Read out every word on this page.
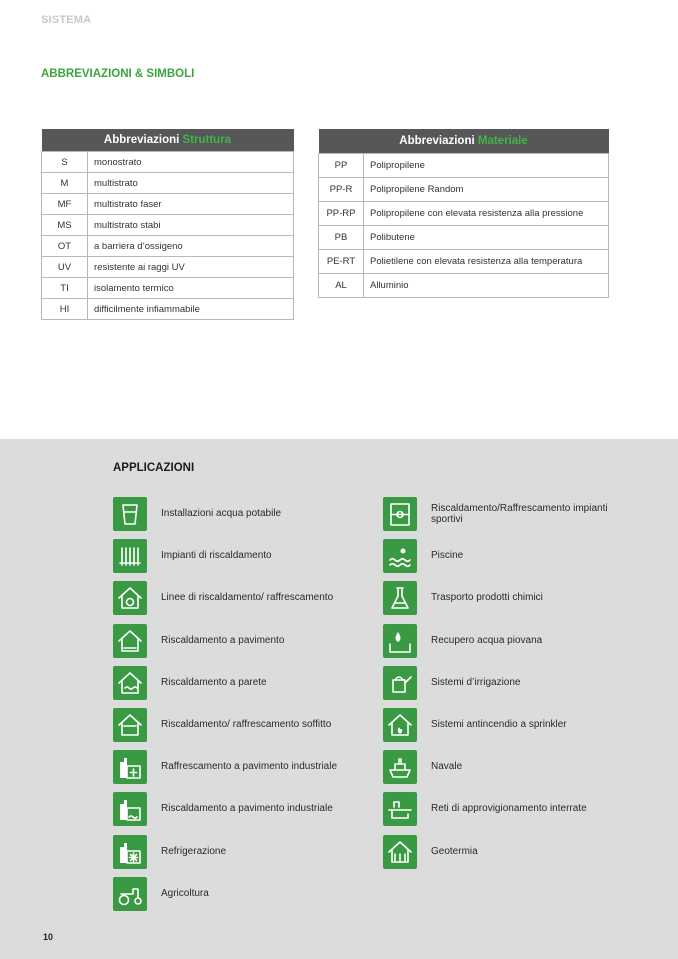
SISTEMA
ABBREVIAZIONI & SIMBOLI
Abbreviazioni Struttura	
S	monostrato
M	multistrato
MF	multistrato faser
MS	multistrato stabi
OT	a barriera d’ossigeno
UV	resistente ai raggi UV
TI	isolamento termico
HI	difficilmente infiammabile
Abbreviazioni Materiale	
PP	Polipropilene
PP-R	Polipropilene Random
PP-RP	Polipropilene con elevata resistenza alla pressione
PB	Polibutene
PE-RT	Polietilene con elevata resistenza alla temperatura
AL	Alluminio
APPLICAZIONI
Installazioni acqua potabile
Impianti di riscaldamento
Linee di riscaldamento/ raffrescamento
Riscaldamento a pavimento
Riscaldamento a parete
Riscaldamento/ raffrescamento soffitto
Raffrescamento a pavimento industriale
Riscaldamento a pavimento industriale
Refrigerazione
Agricoltura
Riscaldamento/Raffrescamento impianti sportivi
Piscine
Trasporto prodotti chimici
Recupero acqua piovana
Sistemi d’irrigazione
Sistemi antincendio a sprinkler
Navale
Reti di approvigionamento interrate
Geotermia
10
